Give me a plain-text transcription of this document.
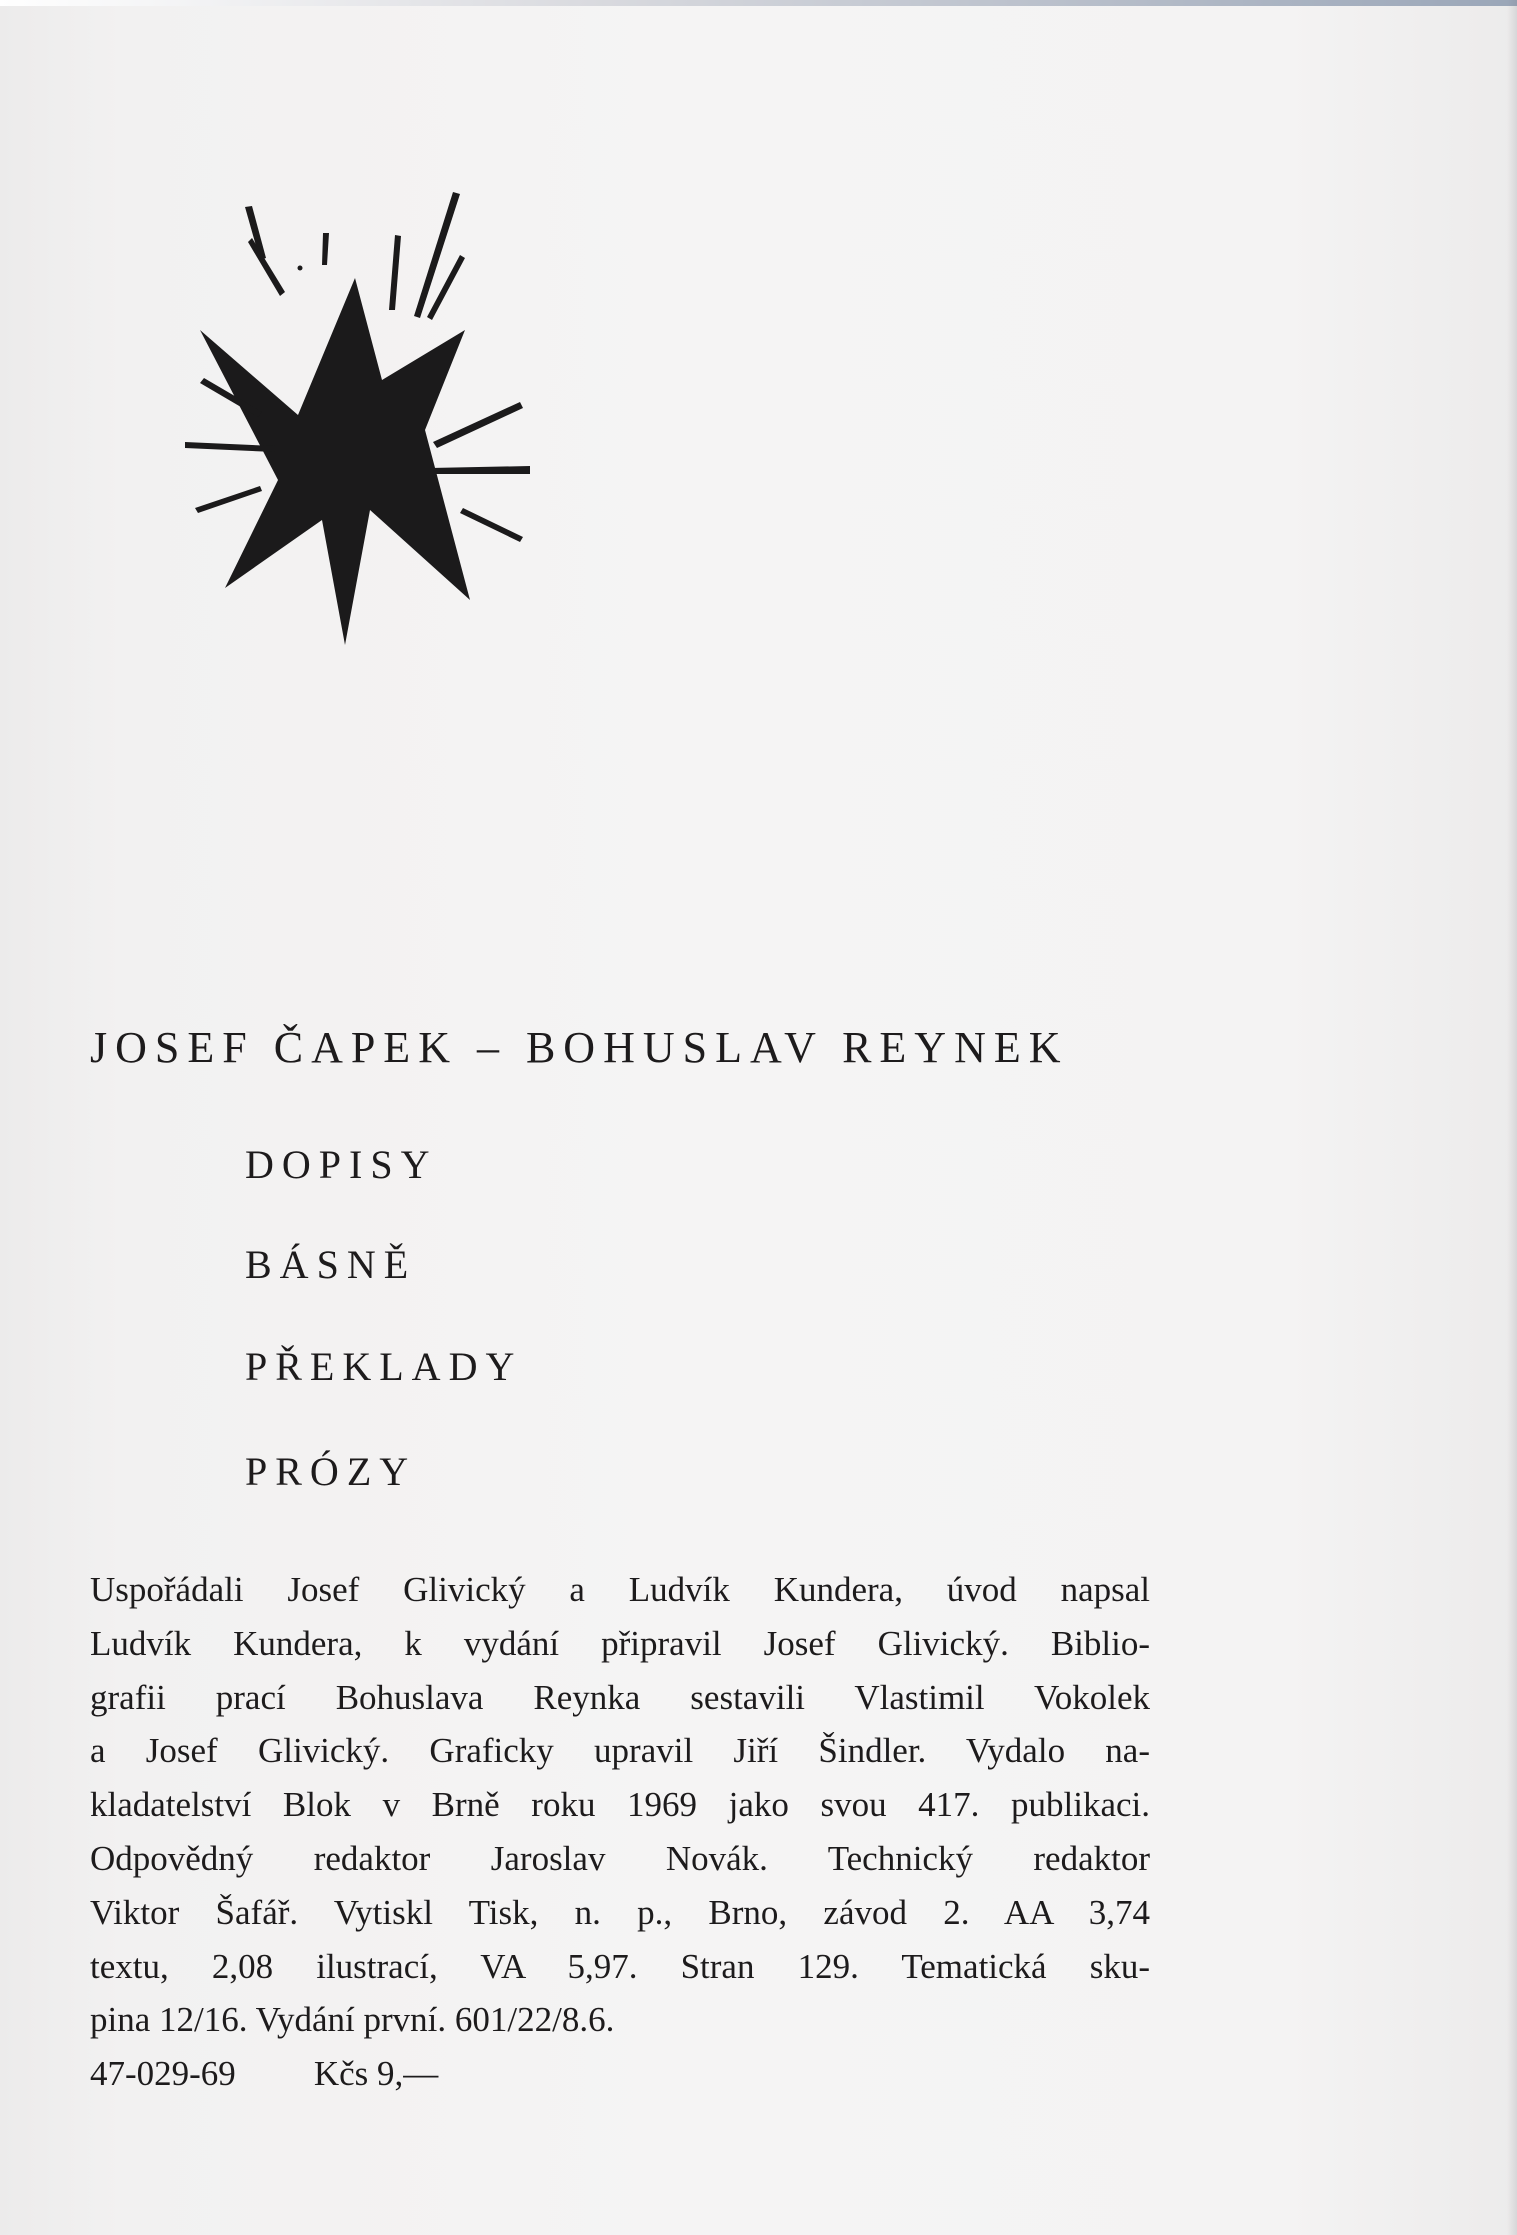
JOSEF ČAPEK – BOHUSLAV REYNEK
DOPISY
BÁSNĚ
PŘEKLADY
PRÓZY
Uspořádali Josef Glivický a Ludvík Kundera, úvod napsal
Ludvík Kundera, k vydání připravil Josef Glivický. Biblio-
grafii prací Bohuslava Reynka sestavili Vlastimil Vokolek
a Josef Glivický. Graficky upravil Jiří Šindler. Vydalo na-
kladatelství Blok v Brně roku 1969 jako svou 417. publikaci.
Odpovědný redaktor Jaroslav Novák. Technický redaktor
Viktor Šafář. Vytiskl Tisk, n. p., Brno, závod 2. AA 3,74
textu, 2,08 ilustrací, VA 5,97. Stran 129. Tematická sku-
pina 12/16. Vydání první. 601/22/8.6.
47-029-69 Kčs 9,—
